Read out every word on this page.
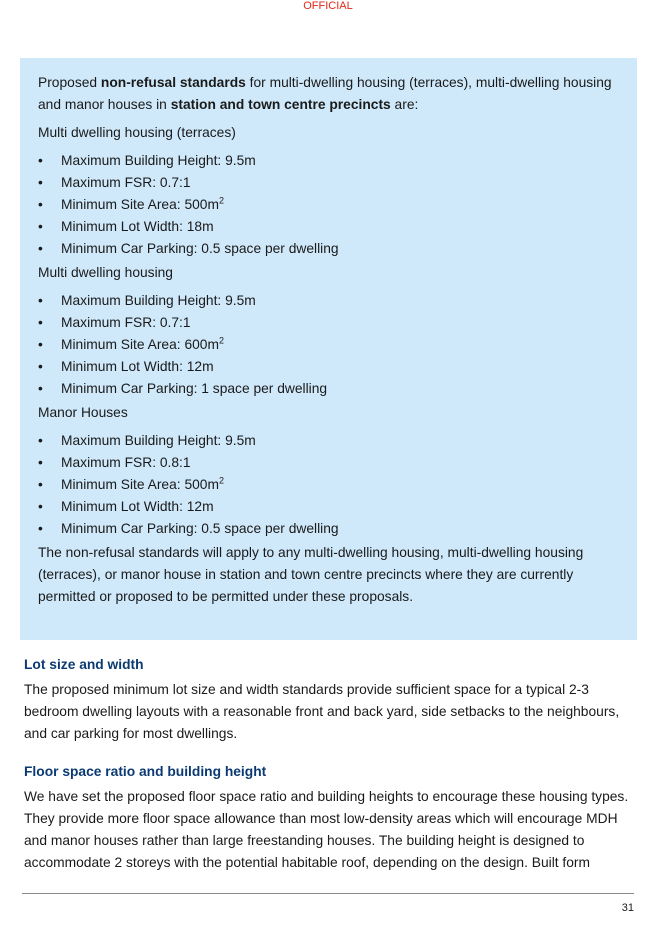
OFFICIAL

Proposed non-refusal standards for multi-dwelling housing (terraces), multi-dwelling housing and manor houses in station and town centre precincts are:

Multi dwelling housing (terraces)

• Maximum Building Height: 9.5m
• Maximum FSR: 0.7:1
• Minimum Site Area: $500m^2$
• Minimum Lot Width: 18m
• Minimum Car Parking: 0.5 space per dwelling

Multi dwelling housing

• Maximum Building Height: 9.5m
• Maximum FSR: 0.7:1
• Minimum Site Area: $600m^2$
• Minimum Lot Width: 12m
• Minimum Car Parking: 1 space per dwelling

Manor Houses

• Maximum Building Height: 9.5m
• Maximum FSR: 0.8:1
• Minimum Site Area: $500m^2$
• Minimum Lot Width: 12m
• Minimum Car Parking: 0.5 space per dwelling

The non-refusal standards will apply to any multi-dwelling housing, multi-dwelling housing (terraces), or manor house in station and town centre precincts where they are currently permitted or proposed to be permitted under these proposals.

Lot size and width

The proposed minimum lot size and width standards provide sufficient space for a typical 2-3 bedroom dwelling layouts with a reasonable front and back yard, side setbacks to the neighbours, and car parking for most dwellings.

Floor space ratio and building height

We have set the proposed floor space ratio and building heights to encourage these housing types. They provide more floor space allowance than most low-density areas which will encourage MDH and manor houses rather than large freestanding houses. The building height is designed to accommodate 2 storeys with the potential habitable roof, depending on the design. Built form

31
